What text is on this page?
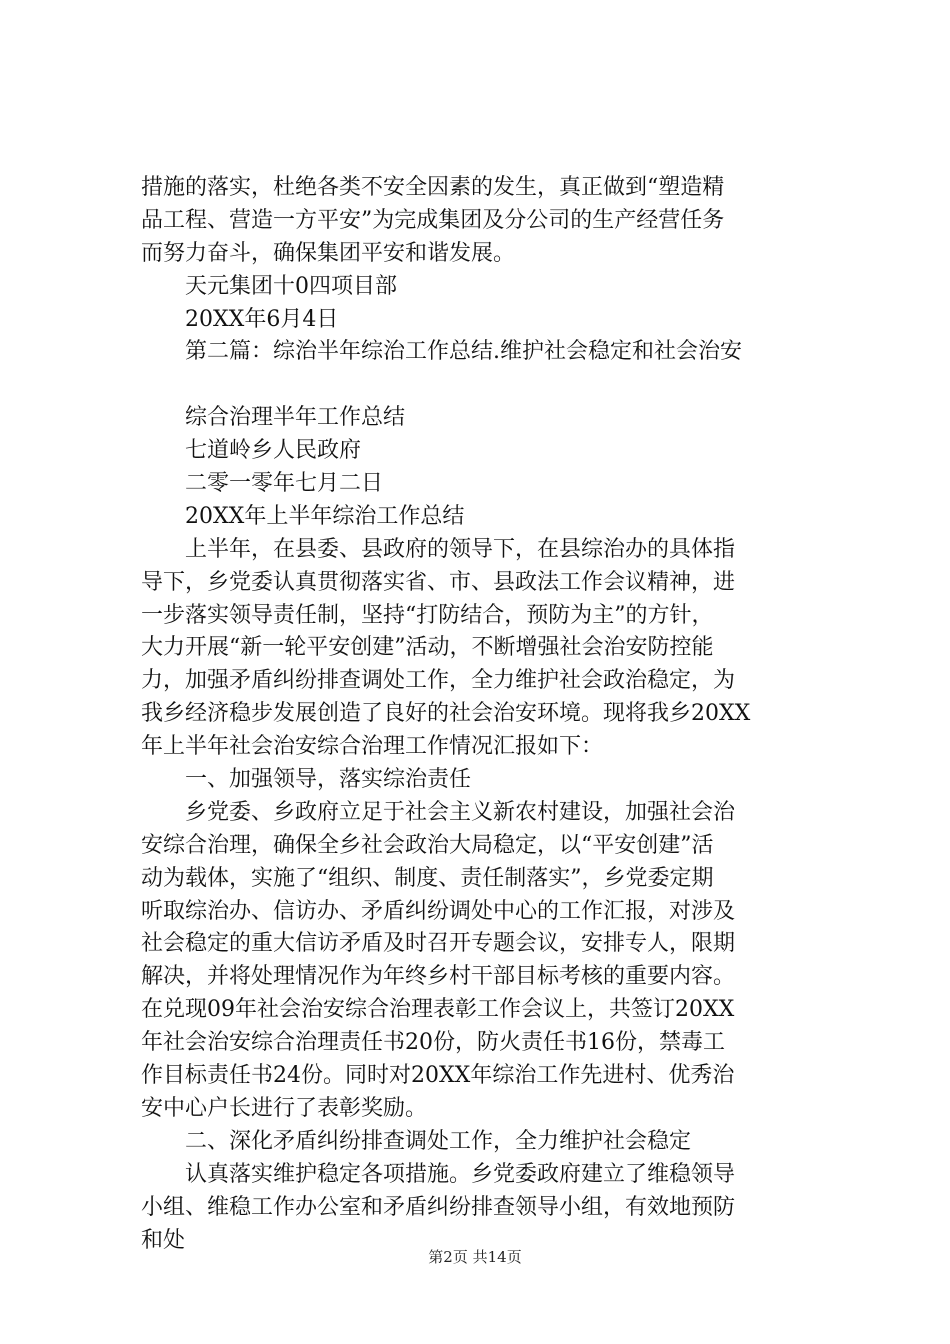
措施的落实，杜绝各类不安全因素的发生，真正做到“塑造精
品工程、营造一方平安”为完成集团及分公司的生产经营任务
而努力奋斗，确保集团平安和谐发展。
　　天元集团十0四项目部
　　20XX年6月4日
　　第二篇：综治半年综治工作总结.维护社会稳定和社会治安
　　综合治理半年工作总结
　　七道岭乡人民政府
　　二零一零年七月二日
　　20XX年上半年综治工作总结
　　上半年，在县委、县政府的领导下，在县综治办的具体指
导下，乡党委认真贯彻落实省、市、县政法工作会议精神，进
一步落实领导责任制，坚持“打防结合，预防为主”的方针，
大力开展“新一轮平安创建”活动，不断增强社会治安防控能
力，加强矛盾纠纷排查调处工作，全力维护社会政治稳定，为
我乡经济稳步发展创造了良好的社会治安环境。现将我乡20XX
年上半年社会治安综合治理工作情况汇报如下：
　　一、加强领导，落实综治责任
　　乡党委、乡政府立足于社会主义新农村建设，加强社会治
安综合治理，确保全乡社会政治大局稳定，以“平安创建”活
动为载体，实施了“组织、制度、责任制落实”，乡党委定期
听取综治办、信访办、矛盾纠纷调处中心的工作汇报，对涉及
社会稳定的重大信访矛盾及时召开专题会议，安排专人，限期
解决，并将处理情况作为年终乡村干部目标考核的重要内容。
在兑现09年社会治安综合治理表彰工作会议上，共签订20XX
年社会治安综合治理责任书20份，防火责任书16份，禁毒工
作目标责任书24份。同时对20XX年综治工作先进村、优秀治
安中心户长进行了表彰奖励。
　　二、深化矛盾纠纷排查调处工作，全力维护社会稳定
　　认真落实维护稳定各项措施。乡党委政府建立了维稳领导
小组、维稳工作办公室和矛盾纠纷排查领导小组，有效地预防
和处
第2页 共14页
